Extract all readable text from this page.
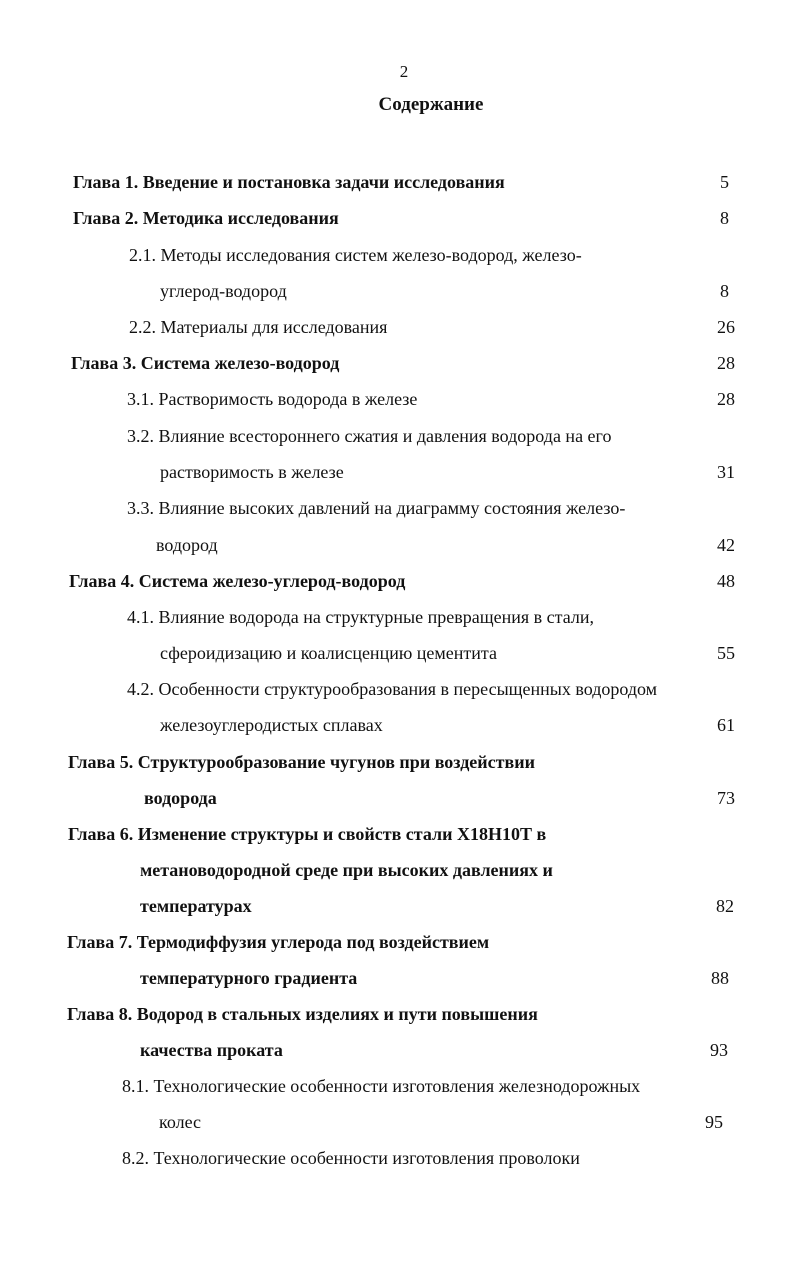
2
Содержание
Глава 1. Введение и постановка задачи исследования	5
Глава 2. Методика исследования	8
2.1. Методы исследования систем железо-водород, железо-
углерод-водород	8
2.2. Материалы для исследования	26
Глава 3. Система железо-водород	28
3.1. Растворимость водорода в железе	28
3.2. Влияние всестороннего сжатия и давления водорода на его
растворимость в железе	31
3.3. Влияние высоких давлений на диаграмму состояния железо-
водород	42
Глава 4. Система железо-углерод-водород	48
4.1. Влияние водорода на структурные превращения в стали,
сфероидизацию и коалисценцию цементита	55
4.2. Особенности структурообразования в пересыщенных водородом
железоуглеродистых сплавах	61
Глава 5. Структурообразование чугунов при воздействии
водорода	73
Глава 6. Изменение структуры и свойств стали Х18Н10Т в
метановодородной среде при высоких давлениях и
температурах	82
Глава 7. Термодиффузия углерода под воздействием
температурного градиента	88
Глава 8. Водород в стальных изделиях и пути повышения
качества проката	93
8.1. Технологические особенности изготовления железнодорожных
колес	95
8.2. Технологические особенности изготовления проволоки
